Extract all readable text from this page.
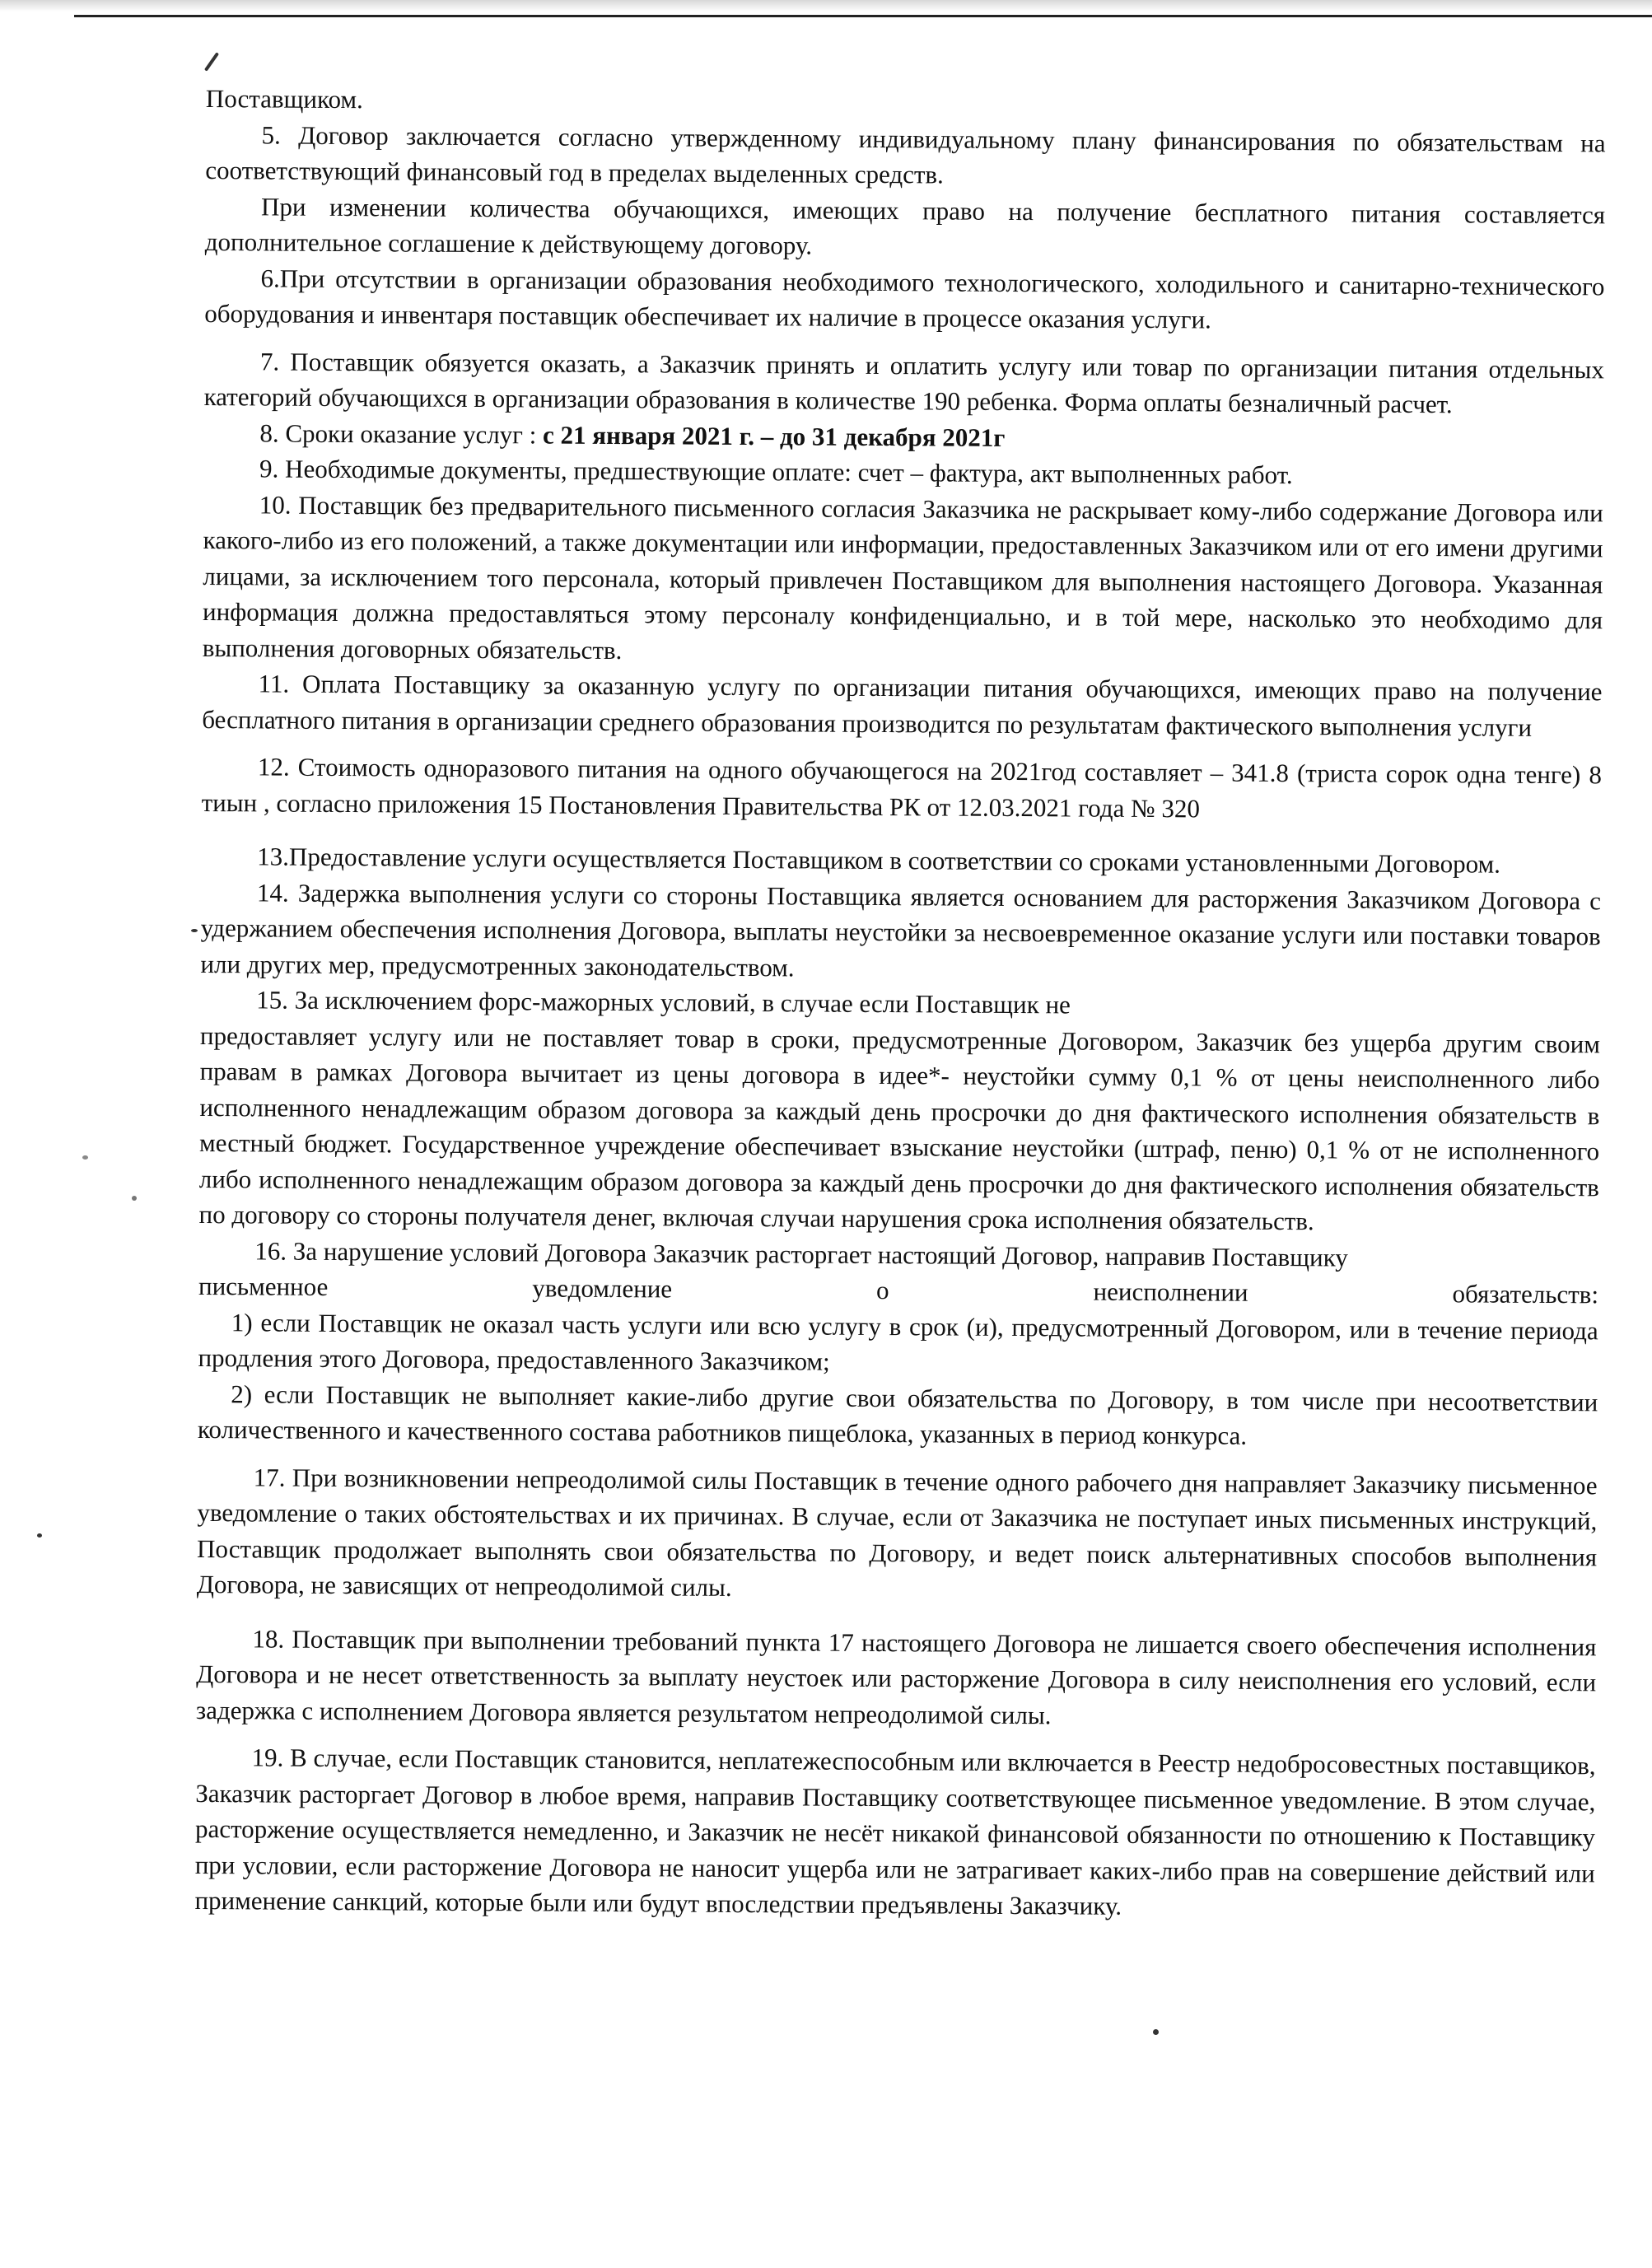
Поставщиком.

5. Договор заключается согласно утвержденному индивидуальному плану финансирования по обязательствам на соответствующий финансовый год в пределах выделенных средств.

При изменении количества обучающихся, имеющих право на получение бесплатного питания составляется дополнительное соглашение к действующему договору.

6.При отсутствии в организации образования необходимого технологического, холодильного и санитарно-технического оборудования и инвентаря поставщик обеспечивает их наличие в процессе оказания услуги.

7. Поставщик обязуется оказать, а Заказчик принять и оплатить услугу или товар по организации питания отдельных категорий обучающихся в организации образования в количестве 190 ребенка. Форма оплаты безналичный расчет.

8. Сроки оказание услуг : с 21 января 2021 г. – до 31 декабря 2021г

9. Необходимые документы, предшествующие оплате: счет – фактура, акт выполненных работ.

10. Поставщик без предварительного письменного согласия Заказчика не раскрывает кому-либо содержание Договора или какого-либо из его положений, а также документации или информации, предоставленных Заказчиком или от его имени другими лицами, за исключением того персонала, который привлечен Поставщиком для выполнения настоящего Договора. Указанная информация должна предоставляться этому персоналу конфиденциально, и в той мере, насколько это необходимо для выполнения договорных обязательств.

11. Оплата Поставщику за оказанную услугу по организации питания обучающихся, имеющих право на получение бесплатного питания в организации среднего образования производится по результатам фактического выполнения услуги

12. Стоимость одноразового питания на одного обучающегося на 2021год составляет – 341.8 (триста сорок одна тенге) 8 тиын , согласно приложения 15 Постановления Правительства РК от 12.03.2021 года № 320

13.Предоставление услуги осуществляется Поставщиком в соответствии со сроками установленными Договором.

14. Задержка выполнения услуги со стороны Поставщика является основанием для расторжения Заказчиком Договора с удержанием обеспечения исполнения Договора, выплаты неустойки за несвоевременное оказание услуги или поставки товаров или других мер, предусмотренных законодательством.

15. За исключением форс-мажорных условий, в случае если Поставщик не

предоставляет услугу или не поставляет товар в сроки, предусмотренные Договором, Заказчик без ущерба другим своим правам в рамках Договора вычитает из цены договора в идее*- неустойки сумму 0,1 % от цены неисполненного либо исполненного ненадлежащим образом договора за каждый день просрочки до дня фактического исполнения обязательств в местный бюджет. Государственное учреждение обеспечивает взыскание неустойки (штраф, пеню) 0,1 % от не исполненного либо исполненного ненадлежащим образом договора за каждый день просрочки до дня фактического исполнения обязательств по договору со стороны получателя денег, включая случаи нарушения срока исполнения обязательств.

16. За нарушение условий Договора Заказчик расторгает настоящий Договор, направив Поставщику

письменное	уведомление	о	неисполнении	обязательств:

1) если Поставщик не оказал часть услуги или всю услугу в срок (и), предусмотренный Договором, или в течение периода продления этого Договора, предоставленного Заказчиком;

2) если Поставщик не выполняет какие-либо другие свои обязательства по Договору, в том числе при несоответствии количественного и качественного состава работников пищеблока, указанных в период конкурса.

17. При возникновении непреодолимой силы Поставщик в течение одного рабочего дня направляет Заказчику письменное уведомление о таких обстоятельствах и их причинах. В случае, если от Заказчика не поступает иных письменных инструкций, Поставщик продолжает выполнять свои обязательства по Договору, и ведет поиск альтернативных способов выполнения Договора, не зависящих от непреодолимой силы.

18. Поставщик при выполнении требований пункта 17 настоящего Договора не лишается своего обеспечения исполнения Договора и не несет ответственность за выплату неустоек или расторжение Договора в силу неисполнения его условий, если задержка с исполнением Договора является результатом непреодолимой силы.

19. В случае, если Поставщик становится, неплатежеспособным или включается в Реестр недобросовестных поставщиков, Заказчик расторгает Договор в любое время, направив Поставщику соответствующее письменное уведомление. В этом случае, расторжение осуществляется немедленно, и Заказчик не несёт никакой финансовой обязанности по отношению к Поставщику при условии, если расторжение Договора не наносит ущерба или не затрагивает каких-либо прав на совершение действий или применение санкций, которые были или будут впоследствии предъявлены Заказчику.
